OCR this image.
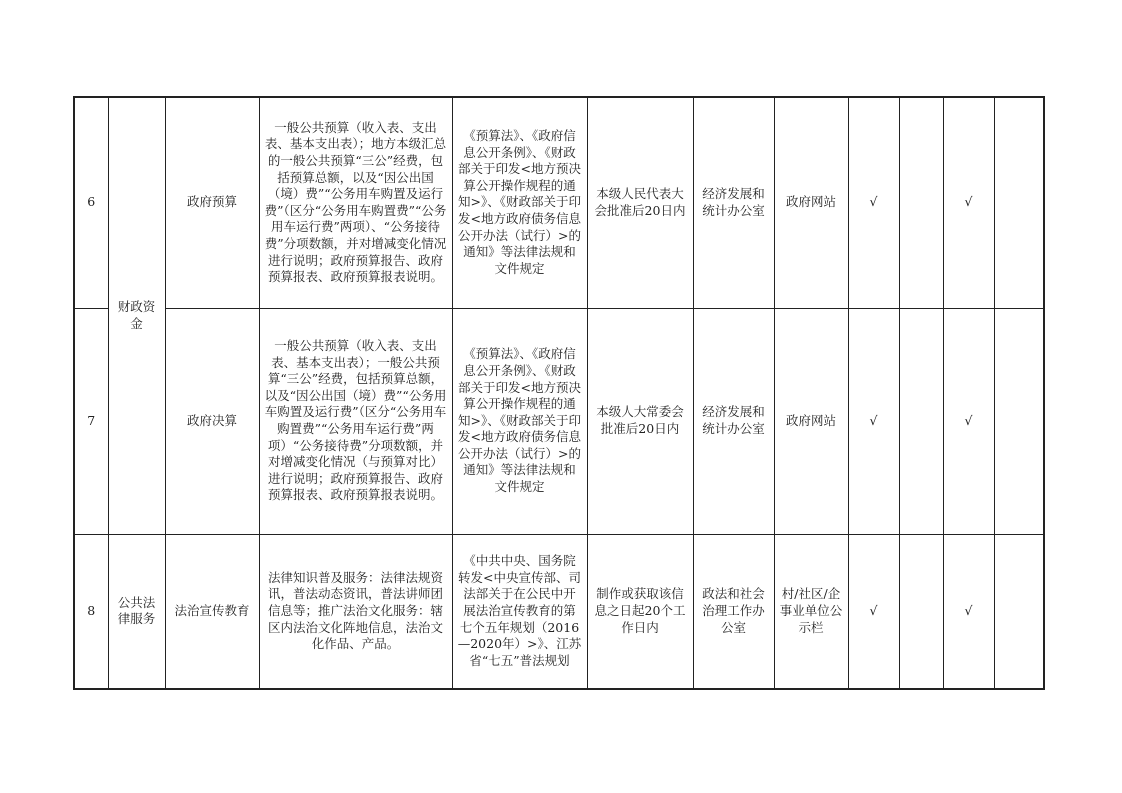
6	财政资金	政府预算	一般公共预算（收入表、支出表、基本支出表）；地方本级汇总的一般公共预算“三公”经费，包括预算总额，以及“因公出国（境）费”“公务用车购置及运行费”（区分“公务用车购置费”“公务用车运行费”两项）、“公务接待费”分项数额，并对增减变化情况进行说明；政府预算报告、政府预算报表、政府预算报表说明。	《预算法》、《政府信息公开条例》、《财政部关于印发<地方预决算公开操作规程的通知>》、《财政部关于印发<地方政府债务信息公开办法（试行）>的通知》等法律法规和文件规定	本级人民代表大会批准后20日内	经济发展和统计办公室	政府网站	√		√	
7		政府决算	一般公共预算（收入表、支出表、基本支出表）；一般公共预算“三公”经费，包括预算总额，以及“因公出国（境）费”“公务用车购置及运行费”（区分“公务用车购置费”“公务用车运行费”两项）“公务接待费”分项数额，并对增减变化情况（与预算对比）进行说明；政府预算报告、政府预算报表、政府预算报表说明。	《预算法》、《政府信息公开条例》、《财政部关于印发<地方预决算公开操作规程的通知>》、《财政部关于印发<地方政府债务信息公开办法（试行）>的通知》等法律法规和文件规定	本级人大常委会批准后20日内	经济发展和统计办公室	政府网站	√		√	
8	公共法律服务	法治宣传教育	法律知识普及服务：法律法规资讯，普法动态资讯，普法讲师团信息等；推广法治文化服务：辖区内法治文化阵地信息，法治文化作品、产品。	《中共中央、国务院转发<中央宣传部、司法部关于在公民中开展法治宣传教育的第七个五年规划（2016—2020年）>》、江苏省“七五”普法规划	制作或获取该信息之日起20个工作日内	政法和社会治理工作办公室	村/社区/企事业单位公示栏	√		√	
